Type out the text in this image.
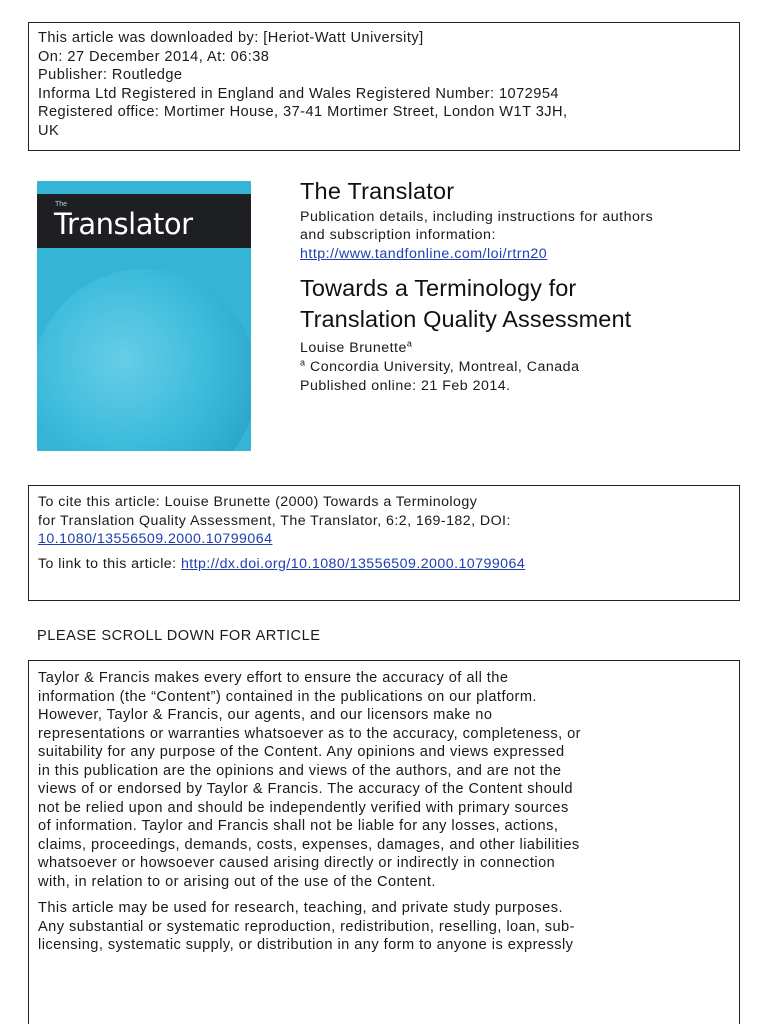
This article was downloaded by: [Heriot-Watt University]
On: 27 December 2014, At: 06:38
Publisher: Routledge
Informa Ltd Registered in England and Wales Registered Number: 1072954
Registered office: Mortimer House, 37-41 Mortimer Street, London W1T 3JH,
UK
The
Translator
The Translator
Publication details, including instructions for authors
and subscription information:
http://www.tandfonline.com/loi/rtrn20
Towards a Terminology for
Translation Quality Assessment
Louise Brunette$^a$
$^a$ Concordia University, Montreal, Canada
Published online: 21 Feb 2014.
To cite this article: Louise Brunette (2000) Towards a Terminology
for Translation Quality Assessment, The Translator, 6:2, 169-182, DOI:
10.1080/13556509.2000.10799064
To link to this article: http://dx.doi.org/10.1080/13556509.2000.10799064
PLEASE SCROLL DOWN FOR ARTICLE

Taylor & Francis makes every effort to ensure the accuracy of all the
information (the “Content”) contained in the publications on our platform.
However, Taylor & Francis, our agents, and our licensors make no
representations or warranties whatsoever as to the accuracy, completeness, or
suitability for any purpose of the Content. Any opinions and views expressed
in this publication are the opinions and views of the authors, and are not the
views of or endorsed by Taylor & Francis. The accuracy of the Content should
not be relied upon and should be independently verified with primary sources
of information. Taylor and Francis shall not be liable for any losses, actions,
claims, proceedings, demands, costs, expenses, damages, and other liabilities
whatsoever or howsoever caused arising directly or indirectly in connection
with, in relation to or arising out of the use of the Content.

This article may be used for research, teaching, and private study purposes.
Any substantial or systematic reproduction, redistribution, reselling, loan, sub-
licensing, systematic supply, or distribution in any form to anyone is expressly
